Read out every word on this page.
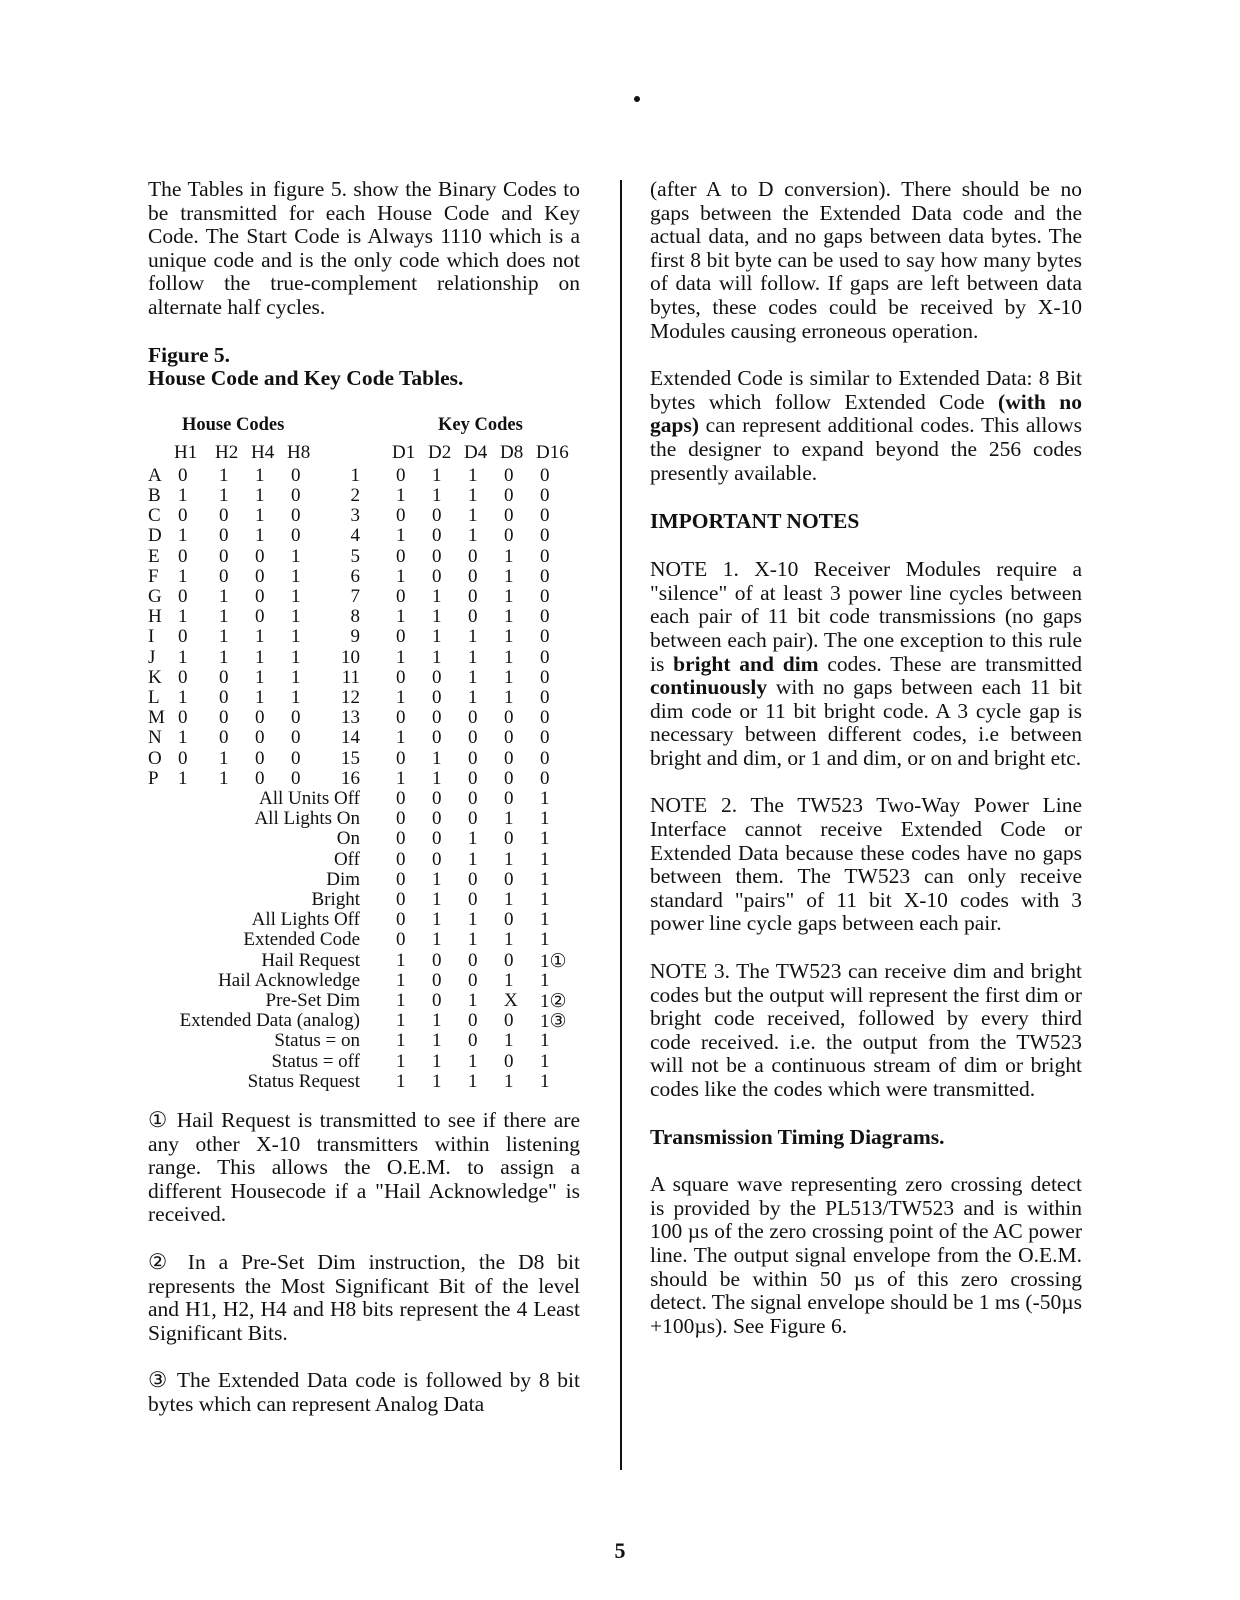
The Tables in figure 5. show the Binary Codes to be transmitted for each House Code and Key Code. The Start Code is Always 1110 which is a unique code and is the only code which does not follow the true-complement relationship on alternate half cycles.

Figure 5.
House Code and Key Code Tables.
House Codes	Key Codes
H1 H2 H4 H8	D1 D2 D4 D8 D16
A 0 1 1 0
B 1 1 1 0
C 0 0 1 0
D 1 0 1 0
E 0 0 0 1
F 1 0 0 1
G 0 1 0 1
H 1 1 0 1
I 0 1 1 1
J 1 1 1 1
K 0 0 1 1
L 1 0 1 1
M 0 0 0 0
N 1 0 0 0
O 0 1 0 0
P 1 1 0 0
1 0 1 1 0 0
2 1 1 1 0 0
3 0 0 1 0 0
4 1 0 1 0 0
5 0 0 0 1 0
6 1 0 0 1 0
7 0 1 0 1 0
8 1 1 0 1 0
9 0 1 1 1 0
10 1 1 1 1 0
11 0 0 1 1 0
12 1 0 1 1 0
13 0 0 0 0 0
14 1 0 0 0 0
15 0 1 0 0 0
16 1 1 0 0 0
All Units Off 0 0 0 0 1
All Lights On 0 0 0 1 1
On 0 0 1 0 1
Off 0 0 1 1 1
Dim 0 1 0 0 1
Bright 0 1 0 1 1
All Lights Off 0 1 1 0 1
Extended Code 0 1 1 1 1
Hail Request 1 0 0 0 1①
Hail Acknowledge 1 0 0 1 1
Pre-Set Dim 1 0 1 X 1②
Extended Data (analog) 1 1 0 0 1③
Status = on 1 1 0 1 1
Status = off 1 1 1 0 1
Status Request 1 1 1 1 1

① Hail Request is transmitted to see if there are any other X-10 transmitters within listening range. This allows the O.E.M. to assign a different Housecode if a "Hail Acknowledge" is received.

② In a Pre-Set Dim instruction, the D8 bit represents the Most Significant Bit of the level and H1, H2, H4 and H8 bits represent the 4 Least Significant Bits.

③ The Extended Data code is followed by 8 bit bytes which can represent Analog Data

(after A to D conversion). There should be no gaps between the Extended Data code and the actual data, and no gaps between data bytes. The first 8 bit byte can be used to say how many bytes of data will follow. If gaps are left between data bytes, these codes could be received by X-10 Modules causing erroneous operation.

Extended Code is similar to Extended Data: 8 Bit bytes which follow Extended Code (with no gaps) can represent additional codes. This allows the designer to expand beyond the 256 codes presently available.

IMPORTANT NOTES

NOTE 1. X-10 Receiver Modules require a "silence" of at least 3 power line cycles between each pair of 11 bit code transmissions (no gaps between each pair). The one exception to this rule is bright and dim codes. These are transmitted continuously with no gaps between each 11 bit dim code or 11 bit bright code. A 3 cycle gap is necessary between different codes, i.e between bright and dim, or 1 and dim, or on and bright etc.

NOTE 2. The TW523 Two-Way Power Line Interface cannot receive Extended Code or Extended Data because these codes have no gaps between them. The TW523 can only receive standard "pairs" of 11 bit X-10 codes with 3 power line cycle gaps between each pair.

NOTE 3. The TW523 can receive dim and bright codes but the output will represent the first dim or bright code received, followed by every third code received. i.e. the output from the TW523 will not be a continuous stream of dim or bright codes like the codes which were transmitted.

Transmission Timing Diagrams.

A square wave representing zero crossing detect is provided by the PL513/TW523 and is within 100 µs of the zero crossing point of the AC power line. The output signal envelope from the O.E.M. should be within 50 µs of this zero crossing detect. The signal envelope should be 1 ms (-50µs +100µs). See Figure 6.

5
